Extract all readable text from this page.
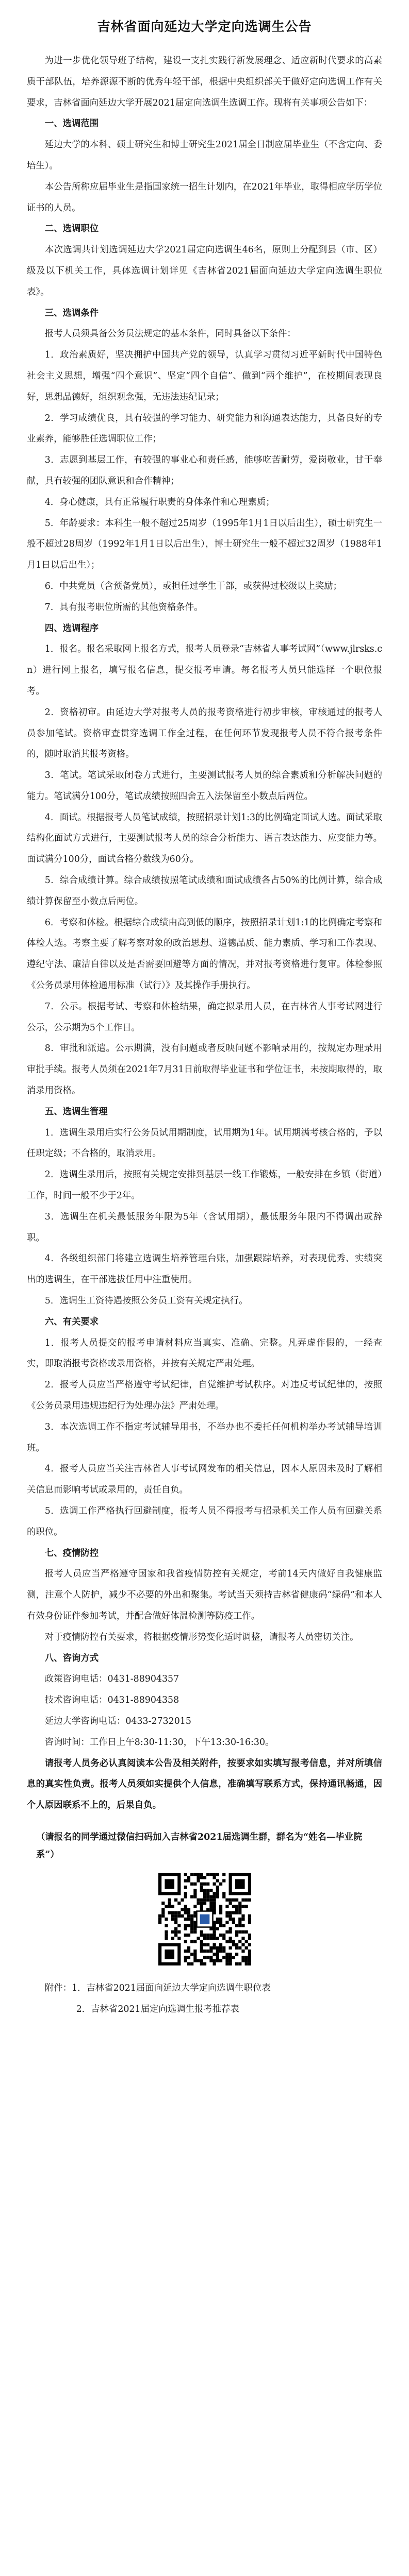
吉林省面向延边大学定向选调生公告

为进一步优化领导班子结构，建设一支扎实践行新发展理念、适应新时代要求的高素质干部队伍，培养源源不断的优秀年轻干部，根据中央组织部关于做好定向选调工作有关要求，吉林省面向延边大学开展2021届定向选调生选调工作。现将有关事项公告如下：

一、选调范围

延边大学的本科、硕士研究生和博士研究生2021届全日制应届毕业生（不含定向、委培生）。

本公告所称应届毕业生是指国家统一招生计划内，在2021年毕业，取得相应学历学位证书的人员。

二、选调职位

本次选调共计划选调延边大学2021届定向选调生46名，原则上分配到县（市、区）级及以下机关工作，具体选调计划详见《吉林省2021届面向延边大学定向选调生职位表》。

三、选调条件

报考人员须具备公务员法规定的基本条件，同时具备以下条件：

1．政治素质好，坚决拥护中国共产党的领导，认真学习贯彻习近平新时代中国特色社会主义思想，增强“四个意识”、坚定“四个自信”、做到“两个维护”，在校期间表现良好，思想品德好，组织观念强，无违法违纪记录；

2．学习成绩优良，具有较强的学习能力、研究能力和沟通表达能力，具备良好的专业素养，能够胜任选调职位工作；

3．志愿到基层工作，有较强的事业心和责任感，能够吃苦耐劳，爱岗敬业，甘于奉献，具有较强的团队意识和合作精神；

4．身心健康，具有正常履行职责的身体条件和心理素质；

5．年龄要求：本科生一般不超过25周岁（1995年1月1日以后出生），硕士研究生一般不超过28周岁（1992年1月1日以后出生），博士研究生一般不超过32周岁（1988年1月1日以后出生）；

6．中共党员（含预备党员），或担任过学生干部，或获得过校级以上奖励；

7．具有报考职位所需的其他资格条件。

四、选调程序

1．报名。报名采取网上报名方式，报考人员登录“吉林省人事考试网”（www.jlrsks.cn）进行网上报名，填写报名信息，提交报考申请。每名报考人员只能选择一个职位报考。

2．资格初审。由延边大学对报考人员的报考资格进行初步审核，审核通过的报考人员参加笔试。资格审查贯穿选调工作全过程，在任何环节发现报考人员不符合报考条件的，随时取消其报考资格。

3．笔试。笔试采取闭卷方式进行，主要测试报考人员的综合素质和分析解决问题的能力。笔试满分100分，笔试成绩按照四舍五入法保留至小数点后两位。

4．面试。根据报考人员笔试成绩，按照招录计划1:3的比例确定面试人选。面试采取结构化面试方式进行，主要测试报考人员的综合分析能力、语言表达能力、应变能力等。面试满分100分，面试合格分数线为60分。

5．综合成绩计算。综合成绩按照笔试成绩和面试成绩各占50%的比例计算，综合成绩计算保留至小数点后两位。

6．考察和体检。根据综合成绩由高到低的顺序，按照招录计划1:1的比例确定考察和体检人选。考察主要了解考察对象的政治思想、道德品质、能力素质、学习和工作表现、遵纪守法、廉洁自律以及是否需要回避等方面的情况，并对报考资格进行复审。体检参照《公务员录用体检通用标准（试行）》及其操作手册执行。

7．公示。根据考试、考察和体检结果，确定拟录用人员，在吉林省人事考试网进行公示，公示期为5个工作日。

8．审批和派遣。公示期满，没有问题或者反映问题不影响录用的，按规定办理录用审批手续。报考人员须在2021年7月31日前取得毕业证书和学位证书，未按期取得的，取消录用资格。

五、选调生管理

1．选调生录用后实行公务员试用期制度，试用期为1年。试用期满考核合格的，予以任职定级；不合格的，取消录用。

2．选调生录用后，按照有关规定安排到基层一线工作锻炼，一般安排在乡镇（街道）工作，时间一般不少于2年。

3．选调生在机关最低服务年限为5年（含试用期），最低服务年限内不得调出或辞职。

4．各级组织部门将建立选调生培养管理台账，加强跟踪培养，对表现优秀、实绩突出的选调生，在干部选拔任用中注重使用。

5．选调生工资待遇按照公务员工资有关规定执行。

六、有关要求

1．报考人员提交的报考申请材料应当真实、准确、完整。凡弄虚作假的，一经查实，即取消报考资格或录用资格，并按有关规定严肃处理。

2．报考人员应当严格遵守考试纪律，自觉维护考试秩序。对违反考试纪律的，按照《公务员录用违规违纪行为处理办法》严肃处理。

3．本次选调工作不指定考试辅导用书，不举办也不委托任何机构举办考试辅导培训班。

4．报考人员应当关注吉林省人事考试网发布的相关信息，因本人原因未及时了解相关信息而影响考试或录用的，责任自负。

5．选调工作严格执行回避制度，报考人员不得报考与招录机关工作人员有回避关系的职位。

七、疫情防控

报考人员应当严格遵守国家和我省疫情防控有关规定，考前14天内做好自我健康监测，注意个人防护，减少不必要的外出和聚集。考试当天须持吉林省健康码“绿码”和本人有效身份证件参加考试，并配合做好体温检测等防疫工作。

对于疫情防控有关要求，将根据疫情形势变化适时调整，请报考人员密切关注。

八、咨询方式

政策咨询电话：0431-88904357

技术咨询电话：0431-88904358

延边大学咨询电话：0433-2732015

咨询时间：工作日上午8:30-11:30，下午13:30-16:30。

请报考人员务必认真阅读本公告及相关附件，按要求如实填写报考信息，并对所填信息的真实性负责。报考人员须如实提供个人信息，准确填写联系方式，保持通讯畅通，因个人原因联系不上的，后果自负。

（请报名的同学通过微信扫码加入吉林省2021届选调生群，群名为“姓名—毕业院系”）

附件：1．吉林省2021届面向延边大学定向选调生职位表

2．吉林省2021届定向选调生报考推荐表
